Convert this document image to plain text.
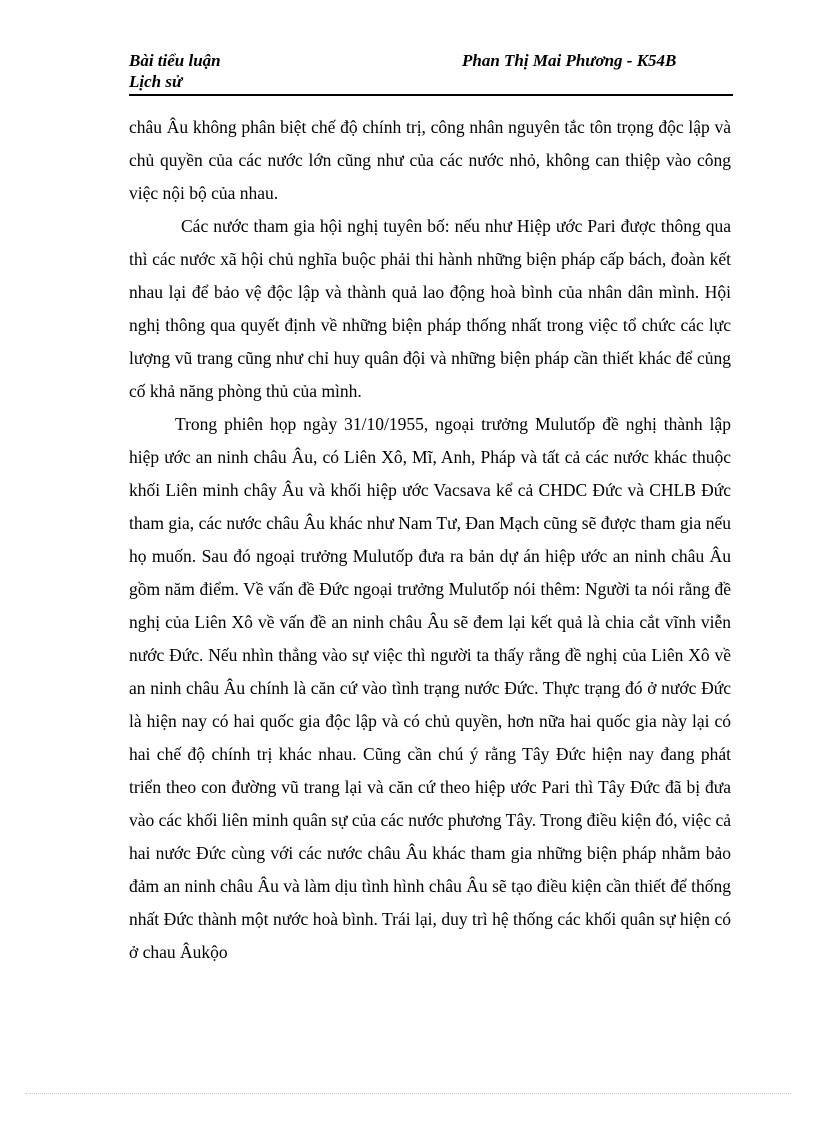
Bài tiểu luận
Lịch sử
Phan Thị Mai Phương - K54B

châu Âu không phân biệt chế độ chính trị, công nhân nguyên tắc tôn trọng độc lập và chủ quyền của các nước lớn cũng như của các nước nhỏ, không can thiệp vào công việc nội bộ của nhau.

Các nước tham gia hội nghị tuyên bố: nếu như Hiệp ước Pari được thông qua thì các nước xã hội chủ nghĩa buộc phải thi hành những biện pháp cấp bách, đoàn kết nhau lại để bảo vệ độc lập và thành quả lao động hoà bình của nhân dân mình. Hội nghị thông qua quyết định về những biện pháp thống nhất trong việc tổ chức các lực lượng vũ trang cũng như chỉ huy quân đội và những biện pháp cần thiết khác để củng cố khả năng phòng thủ của mình.

Trong phiên họp ngày 31/10/1955, ngoại trưởng Mulutốp đề nghị thành lập hiệp ước an ninh châu Âu, có Liên Xô, Mĩ, Anh, Pháp và tất cả các nước khác thuộc khối Liên minh chây Âu và khối hiệp ước Vacsava kể cả CHDC Đức và CHLB Đức tham gia, các nước châu Âu khác như Nam Tư, Đan Mạch cũng sẽ được tham gia nếu họ muốn. Sau đó ngoại trưởng Mulutốp đưa ra bản dự án hiệp ước an ninh châu Âu gồm năm điểm. Về vấn đề Đức ngoại trưởng Mulutốp nói thêm: Người ta nói rằng đề nghị của Liên Xô về vấn đề an ninh châu Âu sẽ đem lại kết quả là chia cắt vĩnh viễn nước Đức. Nếu nhìn thẳng vào sự việc thì người ta thấy rằng đề nghị của Liên Xô về an ninh châu Âu chính là căn cứ vào tình trạng nước Đức. Thực trạng đó ở nước Đức là hiện nay có hai quốc gia độc lập và có chủ quyền, hơn nữa hai quốc gia này lại có hai chế độ chính trị khác nhau. Cũng cần chú ý rằng Tây Đức hiện nay đang phát triển theo con đường vũ trang lại và căn cứ theo hiệp ước Pari thì Tây Đức đã bị đưa vào các khối liên minh quân sự của các nước phương Tây. Trong điều kiện đó, việc cả hai nước Đức cùng với các nước châu Âu khác tham gia những biện pháp nhằm bảo đảm an ninh châu Âu và làm dịu tình hình châu Âu sẽ tạo điều kiện cần thiết để thống nhất Đức thành một nước hoà bình. Trái lại, duy trì hệ thống các khối quân sự hiện có ở chau Âukộo
